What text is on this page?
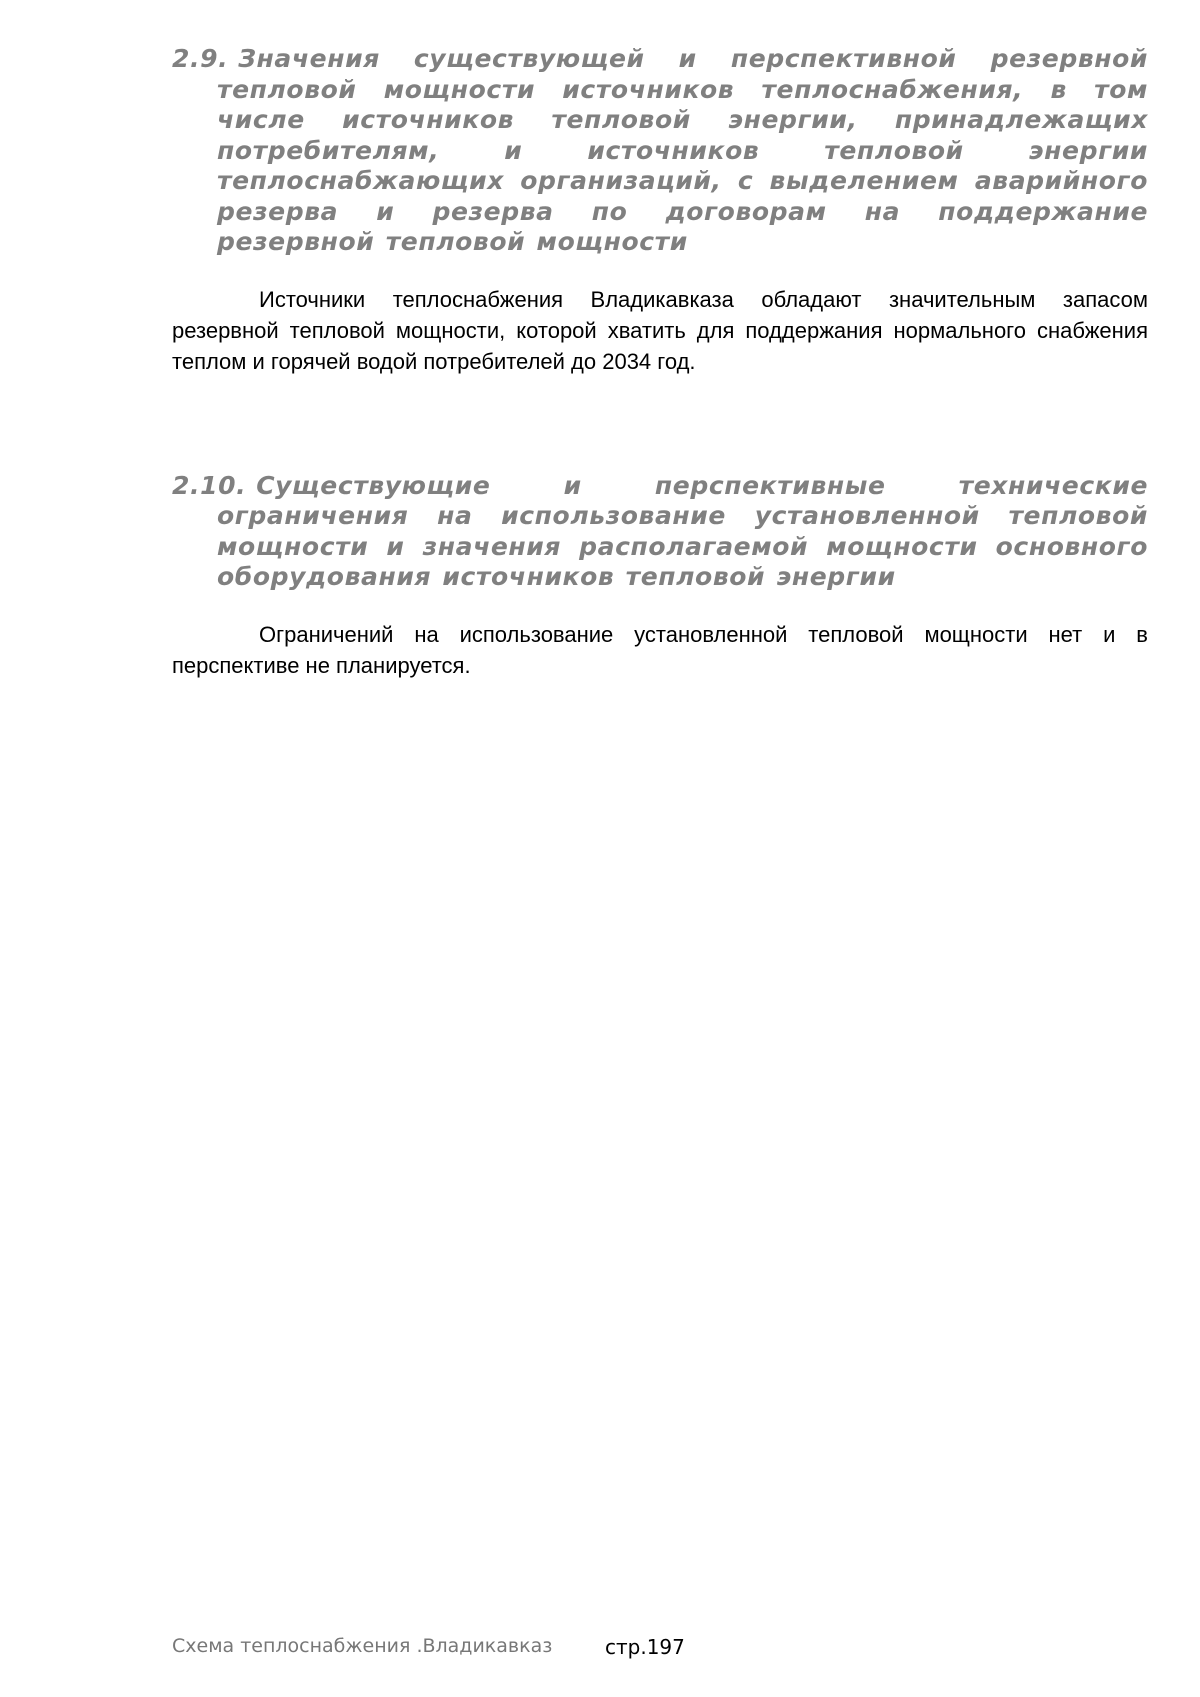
2.9. Значения существующей и перспективной резервной тепловой мощности источников теплоснабжения, в том числе источников тепловой энергии, принадлежащих потребителям, и источников тепловой энергии теплоснабжающих организаций, с выделением аварийного резерва и резерва по договорам на поддержание резервной тепловой мощности

Источники теплоснабжения Владикавказа обладают значительным запасом резервной тепловой мощности, которой хватить для поддержания нормального снабжения теплом и горячей водой потребителей до 2034 год.

2.10. Существующие и перспективные технические ограничения на использование установленной тепловой мощности и значения располагаемой мощности основного оборудования источников тепловой энергии

Ограничений на использование установленной тепловой мощности нет и в перспективе не планируется.

Схема теплоснабжения .Владикавказ	стр.197
